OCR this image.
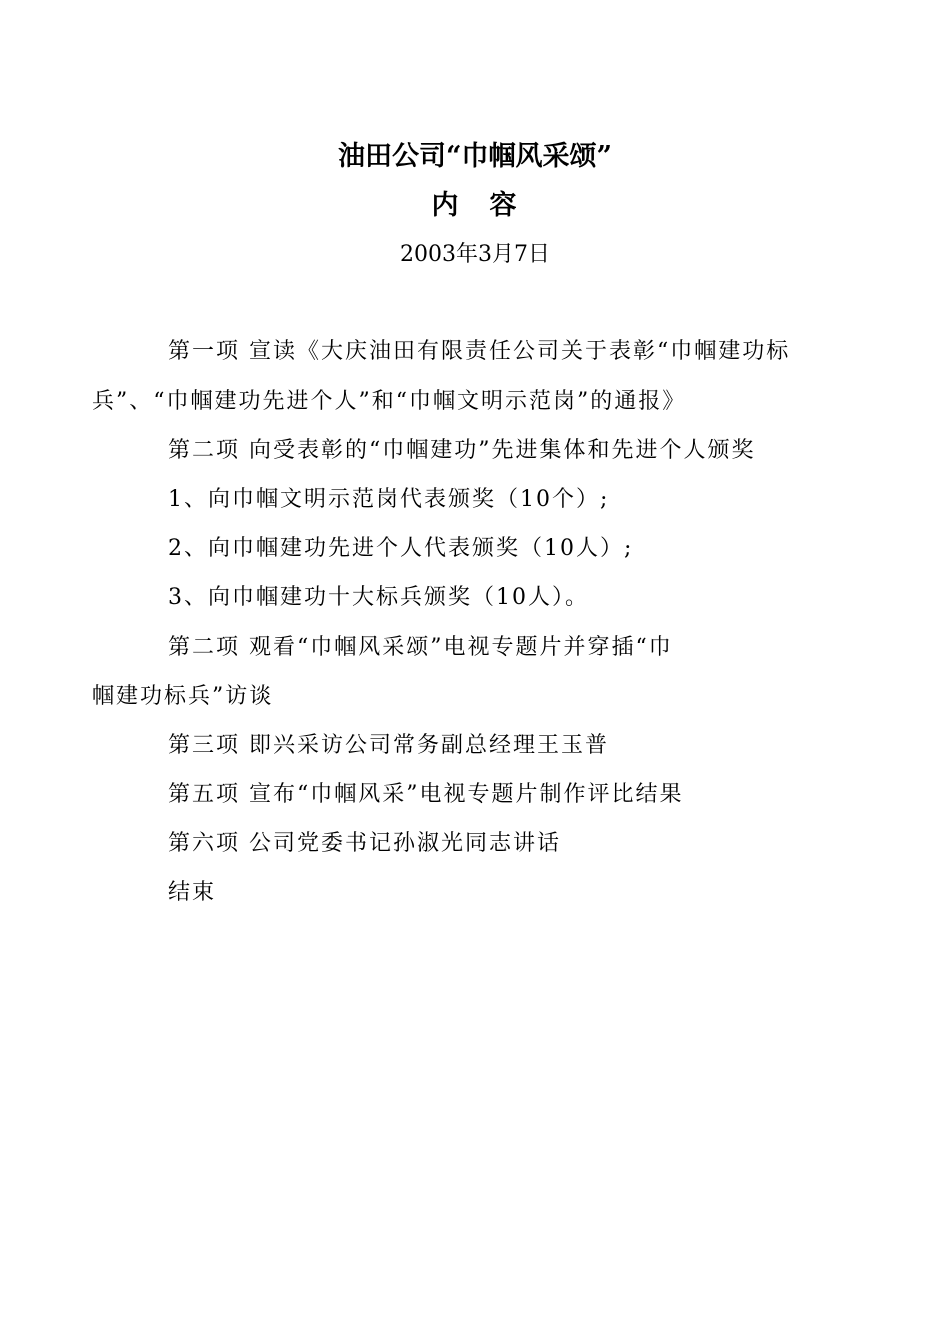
油田公司“巾帼风采颂”
内　容
2003年3月7日
第一项 宣读《大庆油田有限责任公司关于表彰“巾帼建功标
兵”、“巾帼建功先进个人”和“巾帼文明示范岗”的通报》
第二项 向受表彰的“巾帼建功”先进集体和先进个人颁奖
1、向巾帼文明示范岗代表颁奖（10个）;
2、向巾帼建功先进个人代表颁奖（10人）;
3、向巾帼建功十大标兵颁奖（10人）。
第二项 观看“巾帼风采颂”电视专题片并穿插“巾
帼建功标兵”访谈
第三项 即兴采访公司常务副总经理王玉普
第五项 宣布“巾帼风采”电视专题片制作评比结果
第六项 公司党委书记孙淑光同志讲话
结束
